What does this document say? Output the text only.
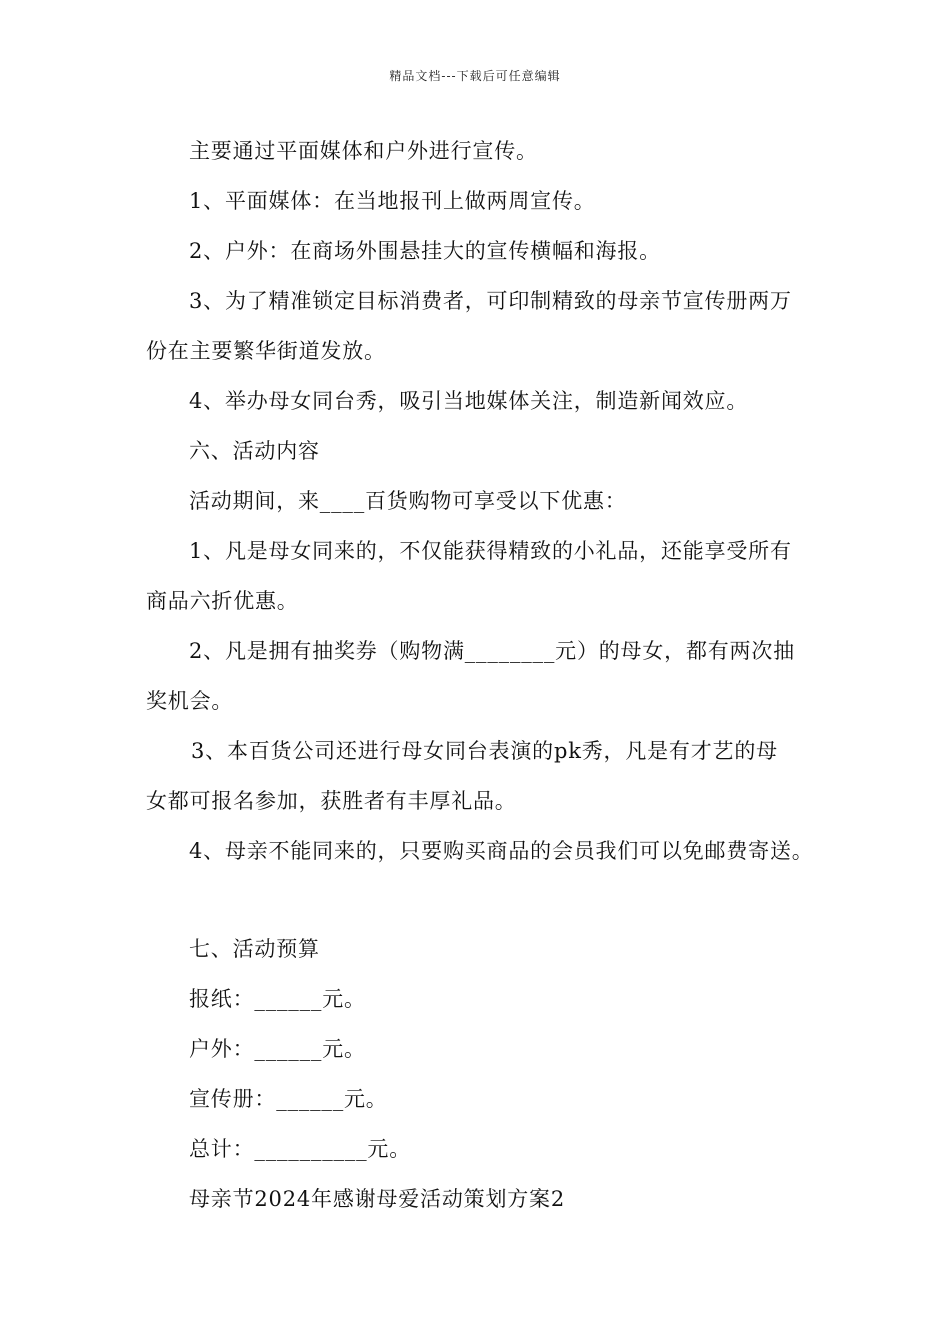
精品文档---下载后可任意编辑
主要通过平面媒体和户外进行宣传。
1、平面媒体：在当地报刊上做两周宣传。
2、户外：在商场外围悬挂大的宣传横幅和海报。
3、为了精准锁定目标消费者，可印制精致的母亲节宣传册两万
份在主要繁华街道发放。
4、举办母女同台秀，吸引当地媒体关注，制造新闻效应。
六、活动内容
活动期间，来____百货购物可享受以下优惠：
1、凡是母女同来的，不仅能获得精致的小礼品，还能享受所有
商品六折优惠。
2、凡是拥有抽奖券（购物满________元）的母女，都有两次抽
奖机会。
3、本百货公司还进行母女同台表演的pk秀，凡是有才艺的母
女都可报名参加，获胜者有丰厚礼品。
4、母亲不能同来的，只要购买商品的会员我们可以免邮费寄送。
七、活动预算
报纸：______元。
户外：______元。
宣传册：______元。
总计：__________元。
母亲节2024年感谢母爱活动策划方案2
